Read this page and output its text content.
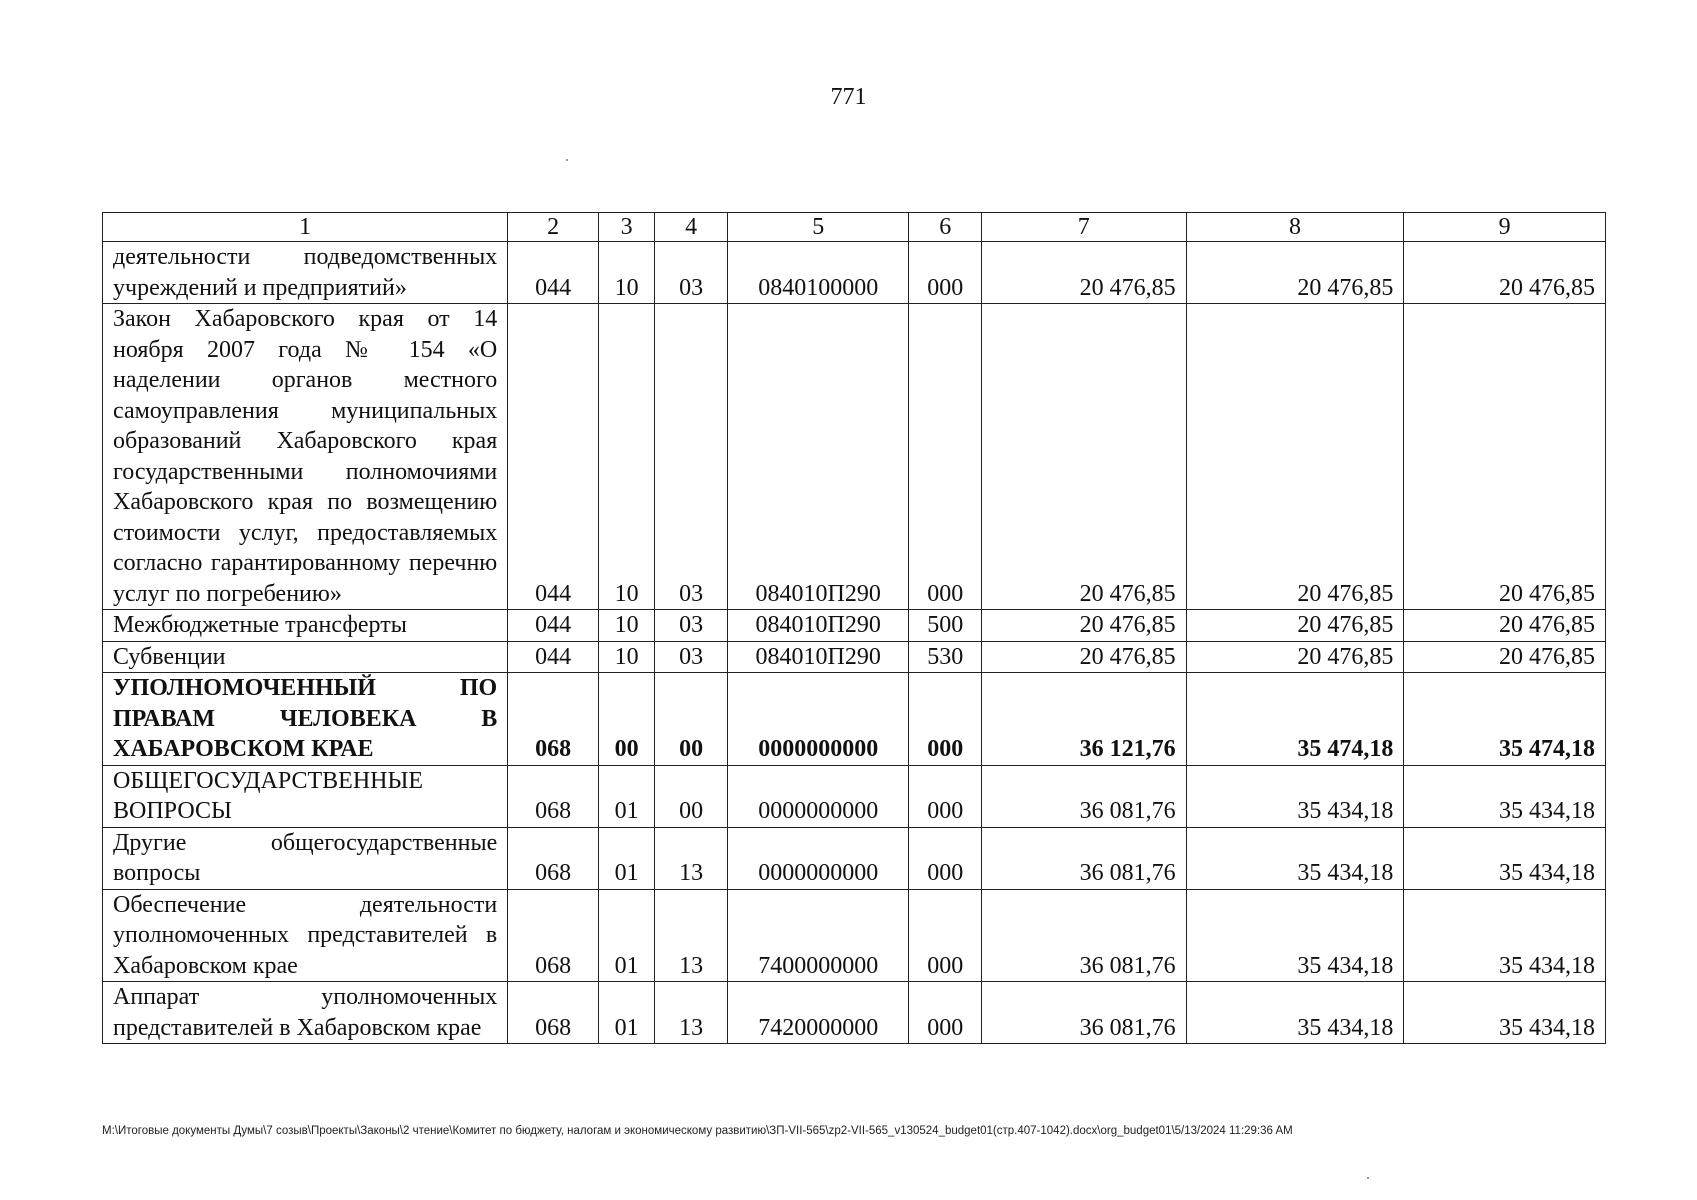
771
1	2	3	4	5	6	7	8	9
деятельности подведомственных учреждений и предприятий»	044	10	03	0840100000	000	20 476,85	20 476,85	20 476,85
Закон Хабаровского края от 14 ноября 2007 года № 154 «О наделении органов местного самоуправления муниципальных образований Хабаровского края государственными полномочиями Хабаровского края по возмещению стоимости услуг, предоставляемых согласно гарантированному перечню услуг по погребению»	044	10	03	084010П290	000	20 476,85	20 476,85	20 476,85
Межбюджетные трансферты	044	10	03	084010П290	500	20 476,85	20 476,85	20 476,85
Субвенции	044	10	03	084010П290	530	20 476,85	20 476,85	20 476,85
УПОЛНОМОЧЕННЫЙ ПО ПРАВАМ ЧЕЛОВЕКА В ХАБАРОВСКОМ КРАЕ	068	00	00	0000000000	000	36 121,76	35 474,18	35 474,18
ОБЩЕГОСУДАРСТВЕННЫЕ ВОПРОСЫ	068	01	00	0000000000	000	36 081,76	35 434,18	35 434,18
Другие общегосударственные вопросы	068	01	13	0000000000	000	36 081,76	35 434,18	35 434,18
Обеспечение деятельности уполномоченных представителей в Хабаровском крае	068	01	13	7400000000	000	36 081,76	35 434,18	35 434,18
Аппарат уполномоченных представителей в Хабаровском крае	068	01	13	7420000000	000	36 081,76	35 434,18	35 434,18
M:\Итоговые документы Думы\7 созыв\Проекты\Законы\2 чтение\Комитет по бюджету, налогам и экономическому развитию\ЗП-VII-565\zp2-VII-565_v130524_budget01(стр.407-1042).docx\org_budget01\5/13/2024 11:29:36 AM
